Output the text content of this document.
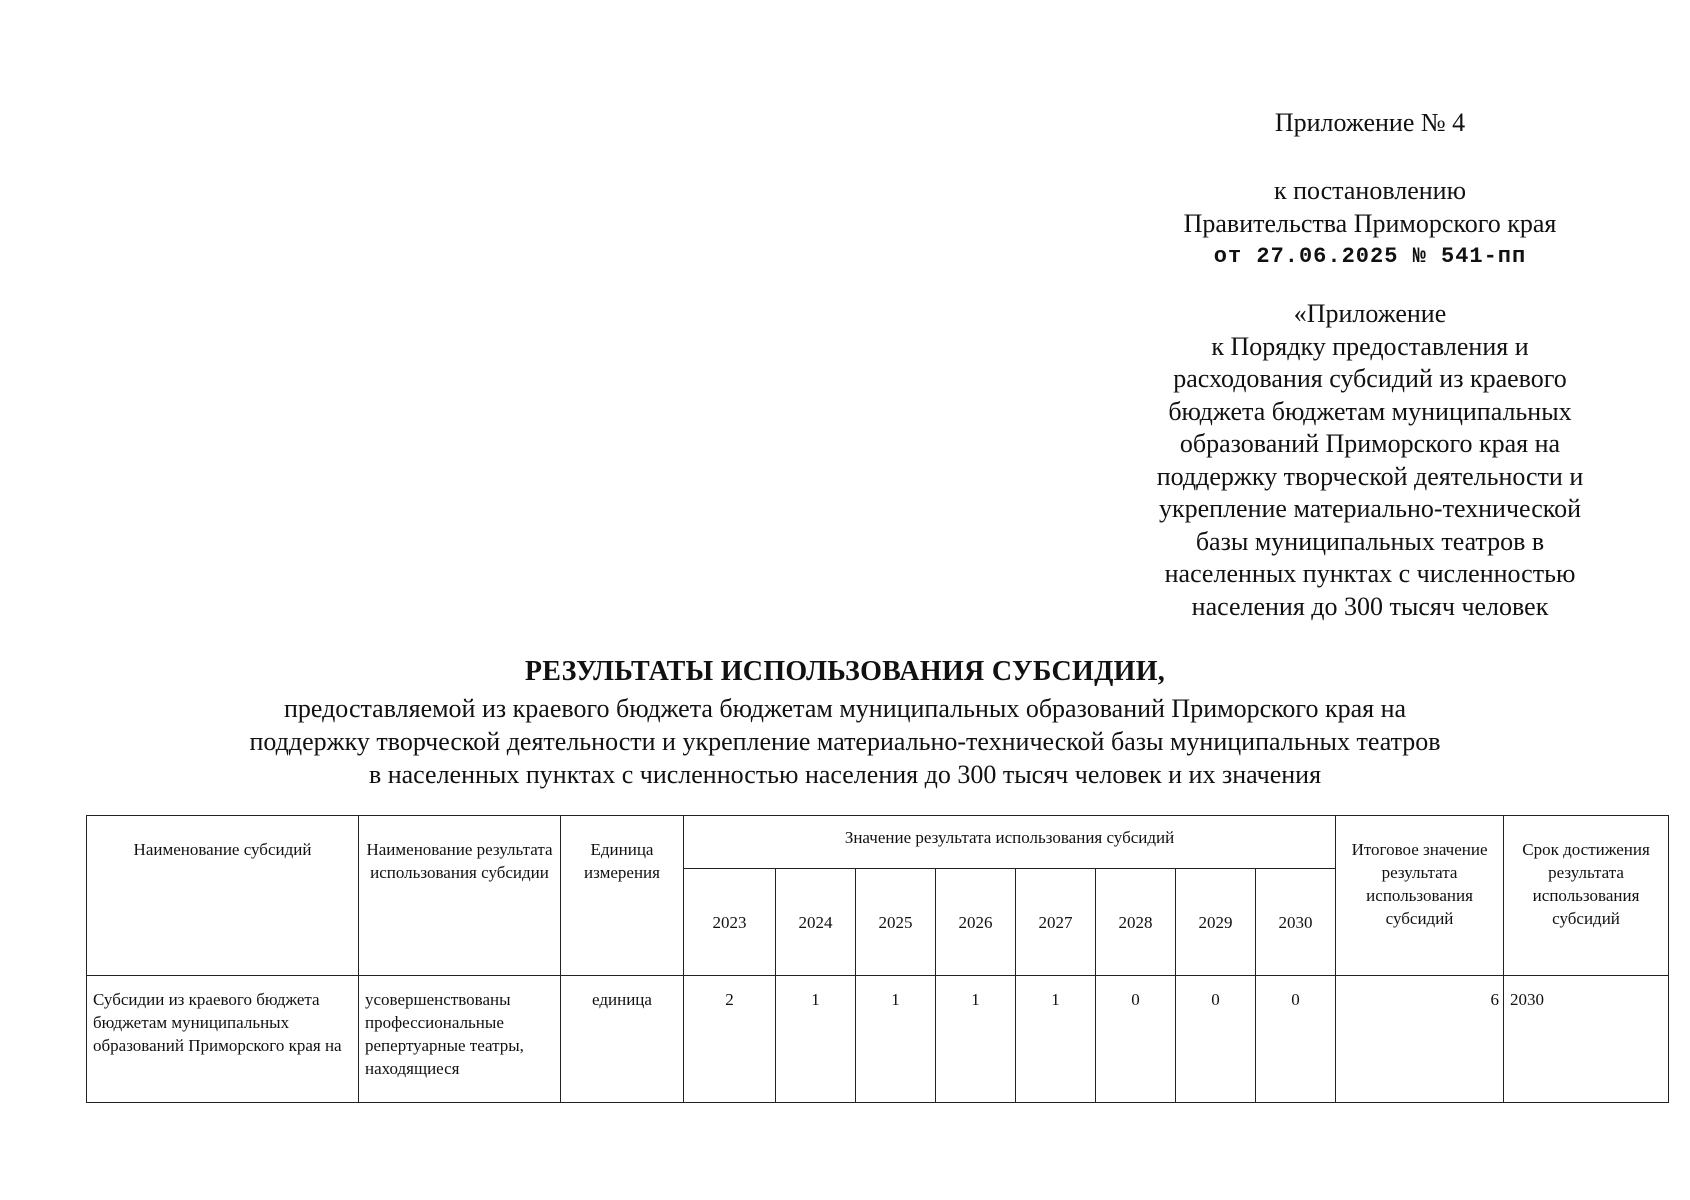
Приложение № 4
к постановлению
Правительства Приморского края
от 27.06.2025 № 541-пп
«Приложение
к Порядку предоставления и
расходования субсидий из краевого
бюджета бюджетам муниципальных
образований Приморского края на
поддержку творческой деятельности и
укрепление материально-технической
базы муниципальных театров в
населенных пунктах с численностью
населения до 300 тысяч человек
РЕЗУЛЬТАТЫ ИСПОЛЬЗОВАНИЯ СУБСИДИИ,
предоставляемой из краевого бюджета бюджетам муниципальных образований Приморского края на
поддержку творческой деятельности и укрепление материально-технической базы муниципальных театров
в населенных пунктах с численностью населения до 300 тысяч человек и их значения
Наименование субсидий	Наименование результата использования субсидии	Единица измерения	Значение результата использования субсидий								Итоговое значение результата использования субсидий	Срок достижения результата использования субсидий
			2023	2024	2025	2026	2027	2028	2029	2030		
Субсидии из краевого бюджета бюджетам муниципальных образований Приморского края на	усовершенствованы профессиональные репертуарные театры, находящиеся	единица	2	1	1	1	1	0	0	0	6	2030
